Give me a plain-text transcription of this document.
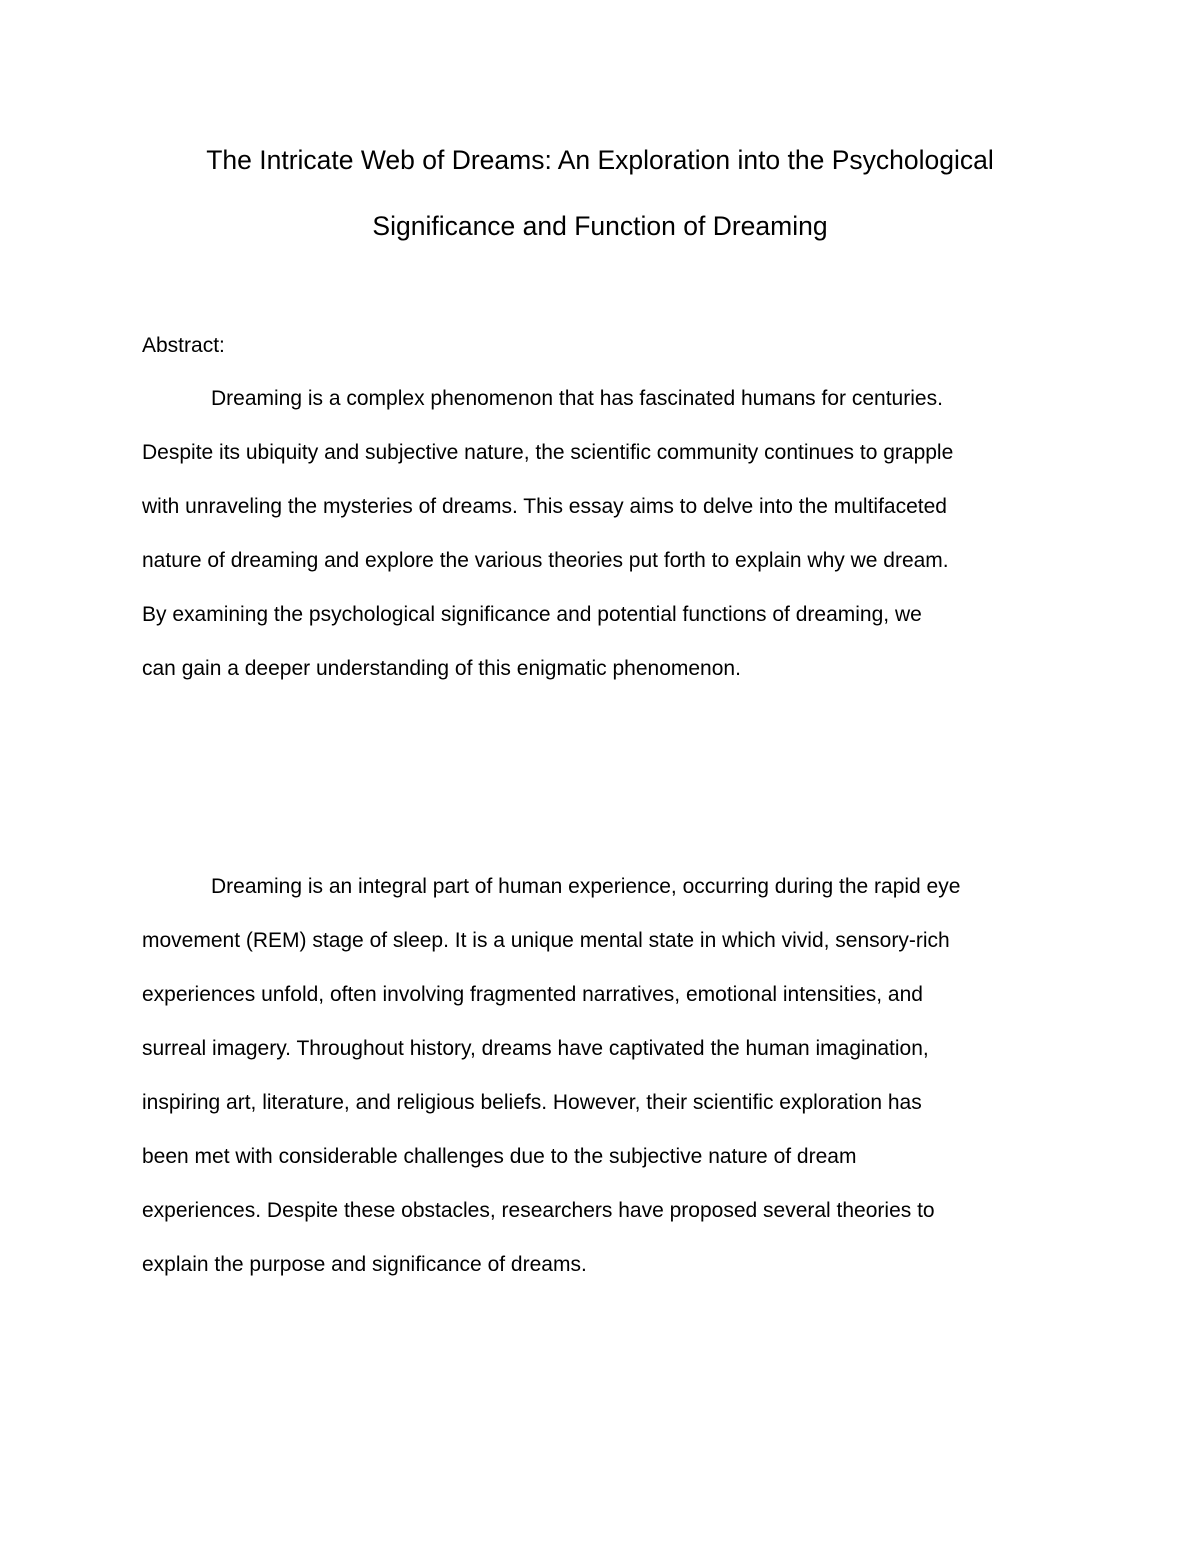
The Intricate Web of Dreams: An Exploration into the Psychological
Significance and Function of Dreaming

Abstract:

Dreaming is a complex phenomenon that has fascinated humans for centuries.
Despite its ubiquity and subjective nature, the scientific community continues to grapple
with unraveling the mysteries of dreams. This essay aims to delve into the multifaceted
nature of dreaming and explore the various theories put forth to explain why we dream.
By examining the psychological significance and potential functions of dreaming, we
can gain a deeper understanding of this enigmatic phenomenon.
Dreaming is an integral part of human experience, occurring during the rapid eye
movement (REM) stage of sleep. It is a unique mental state in which vivid, sensory-rich
experiences unfold, often involving fragmented narratives, emotional intensities, and
surreal imagery. Throughout history, dreams have captivated the human imagination,
inspiring art, literature, and religious beliefs. However, their scientific exploration has
been met with considerable challenges due to the subjective nature of dream
experiences. Despite these obstacles, researchers have proposed several theories to
explain the purpose and significance of dreams.
